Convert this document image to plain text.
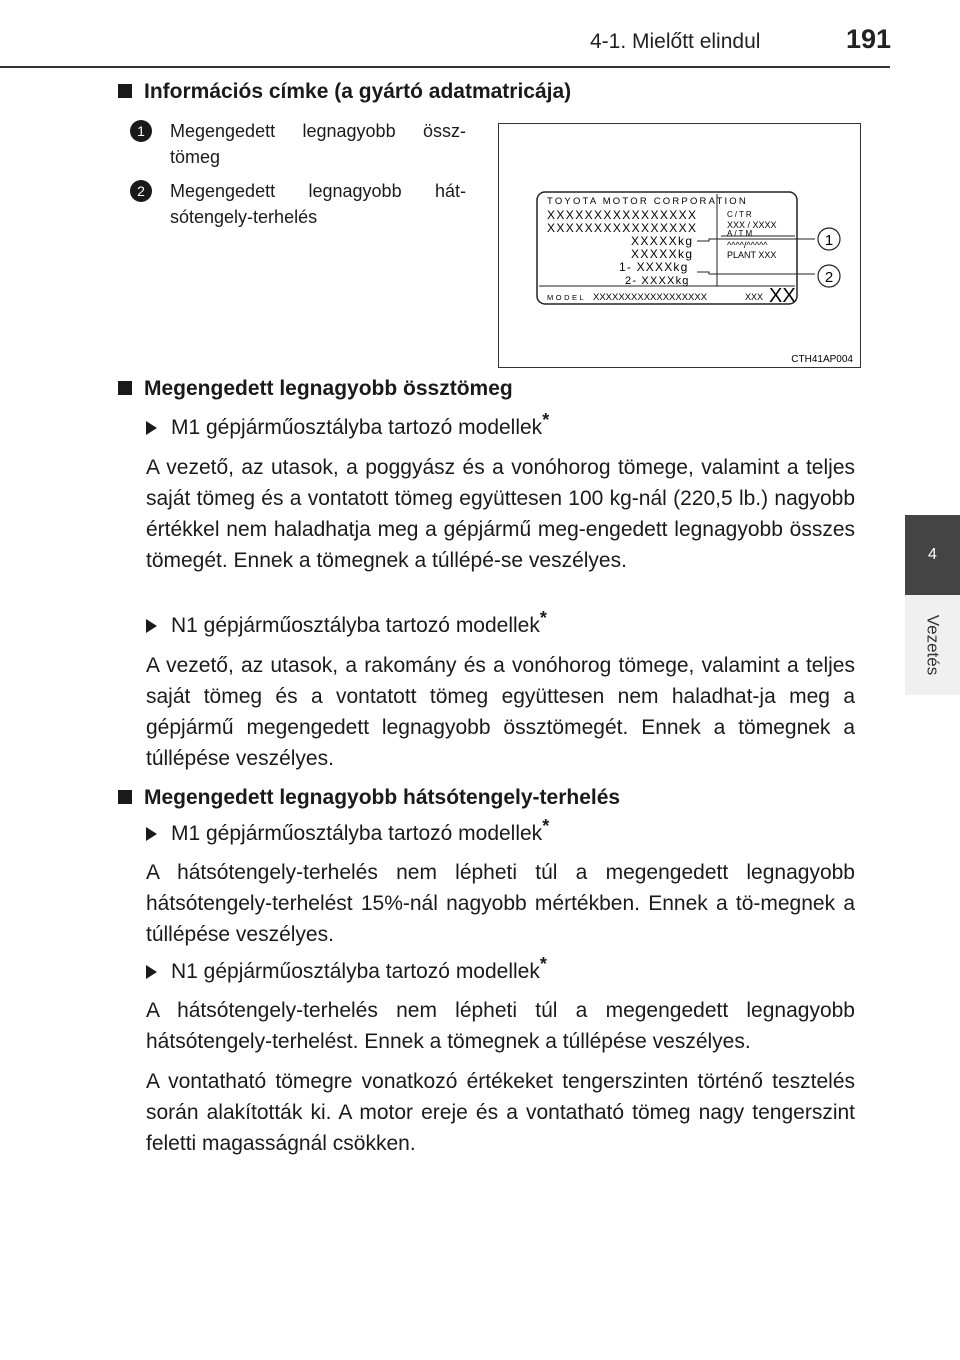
4-1. Mielőtt elindul	191
4
Vezetés
Információs címke (a gyártó adatmatricája)
1	Megengedett legnagyobb össz-tömeg
2	Megengedett legnagyobb hát-sótengely-terhelés
TOYOTA MOTOR CORPORATION
XXXXXXXXXXXXXXXX
XXXXXXXXXXXXXXXX
XXXXXkg
XXXXXkg
1- XXXXkg
2- XXXXkg
C/TR
XXX / XXXX
A/TM
^^^^/^^^^^
PLANT XXX
MODEL XXXXXXXXXXXXXXXXXX	XXX XX
1
2
CTH41AP004
Megengedett legnagyobb össztömeg
M1 gépjárműosztályba tartozó modellek*

A vezető, az utasok, a poggyász és a vonóhorog tömege, valamint a teljes saját tömeg és a vontatott tömeg együttesen 100 kg-nál (220,5 lb.) nagyobb értékkel nem haladhatja meg a gépjármű meg-engedett legnagyobb összes tömegét. Ennek a tömegnek a túllépé-se veszélyes.

N1 gépjárműosztályba tartozó modellek*

A vezető, az utasok, a rakomány és a vonóhorog tömege, valamint a teljes saját tömeg és a vontatott tömeg együttesen nem haladhat-ja meg a gépjármű megengedett legnagyobb össztömegét. Ennek a tömegnek a túllépése veszélyes.

Megengedett legnagyobb hátsótengely-terhelés
M1 gépjárműosztályba tartozó modellek*

A hátsótengely-terhelés nem lépheti túl a megengedett legnagyobb hátsótengely-terhelést 15%-nál nagyobb mértékben. Ennek a tö-megnek a túllépése veszélyes.

N1 gépjárműosztályba tartozó modellek*

A hátsótengely-terhelés nem lépheti túl a megengedett legnagyobb hátsótengely-terhelést. Ennek a tömegnek a túllépése veszélyes.

A vontatható tömegre vonatkozó értékeket tengerszinten történő tesztelés során alakították ki. A motor ereje és a vontatható tömeg nagy tengerszint feletti magasságnál csökken.
